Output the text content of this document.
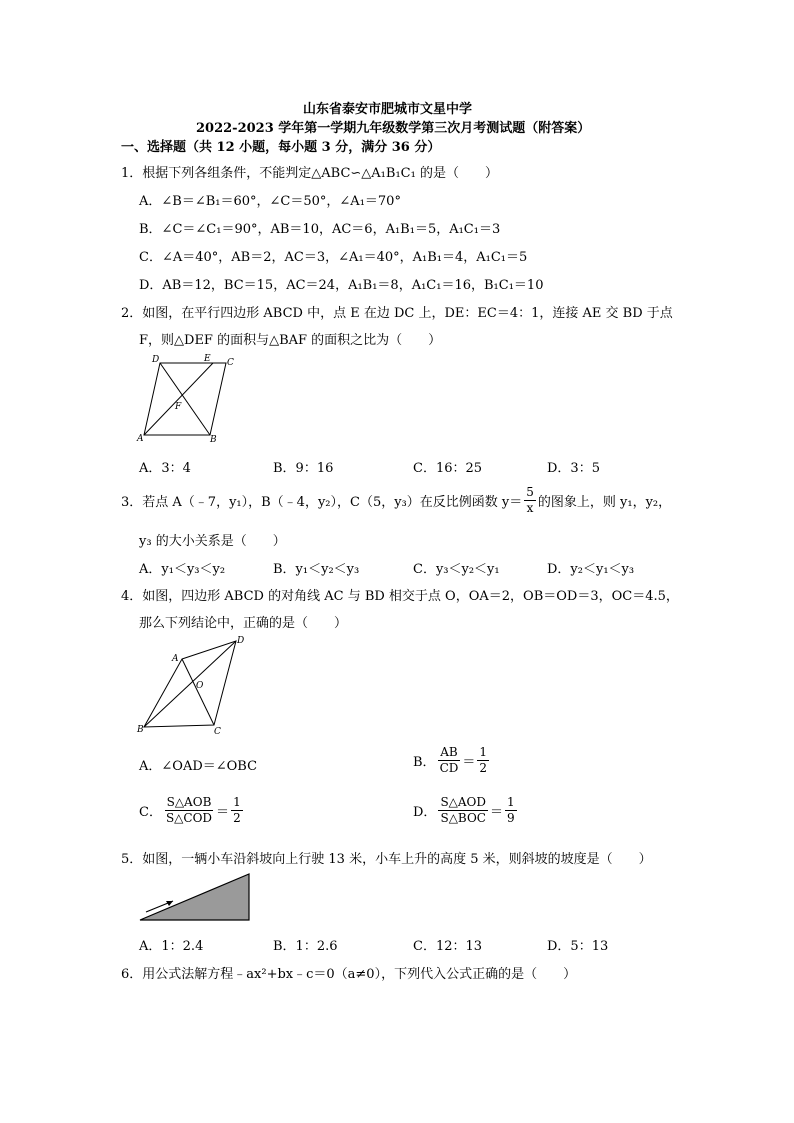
山东省泰安市肥城市文星中学
2022-2023 学年第一学期九年级数学第三次月考测试题（附答案）
一、选择题（共 12 小题，每小题 3 分，满分 36 分）
1．根据下列各组条件，不能判定△ABC∽△A₁B₁C₁ 的是（　　）
A．∠B＝∠B₁＝60°，∠C＝50°，∠A₁＝70°
B．∠C＝∠C₁＝90°，AB＝10，AC＝6，A₁B₁＝5，A₁C₁＝3
C．∠A＝40°，AB＝2，AC＝3，∠A₁＝40°，A₁B₁＝4，A₁C₁＝5
D．AB＝12，BC＝15，AC＝24，A₁B₁＝8，A₁C₁＝16，B₁C₁＝10
2．如图，在平行四边形 ABCD 中，点 E 在边 DC 上，DE：EC＝4：1，连接 AE 交 BD 于点
F，则△DEF 的面积与△BAF 的面积之比为（　　）
D	E C
F
A	B
A．3：4	B．9：16	C．16：25	D．3：5
3．若点 A（﹣7，y₁），B（﹣4，y₂），C（5，y₃）在反比例函数 $y= \frac{5}{x}$ 的图象上，则 y₁，y₂，
y₃ 的大小关系是（　　）
A．y₁＜y₃＜y₂	B．y₁＜y₂＜y₃	C．y₃＜y₂＜y₁	D．y₂＜y₁＜y₃
4．如图，四边形 ABCD 的对角线 AC 与 BD 相交于点 O，OA＝2，OB＝OD＝3，OC＝4.5，
那么下列结论中，正确的是（　　）
A
D
O
B	C
A．∠OAD＝∠OBC	B． $\frac{AB}{CD} = \frac{1}{2}$
C． $\frac{\text{S△AOB}}{\text{S△COD}} = \frac{1}{2}$	D． $\frac{\text{S△AOD}}{\text{S△BOC}} = \frac{1}{9}$
5．如图，一辆小车沿斜坡向上行驶 13 米，小车上升的高度 5 米，则斜坡的坡度是（　　）
A．1：2.4	B．1：2.6	C．12：13	D．5：13
6．用公式法解方程﹣ax²+bx﹣c＝0（a≠0），下列代入公式正确的是（　　）
